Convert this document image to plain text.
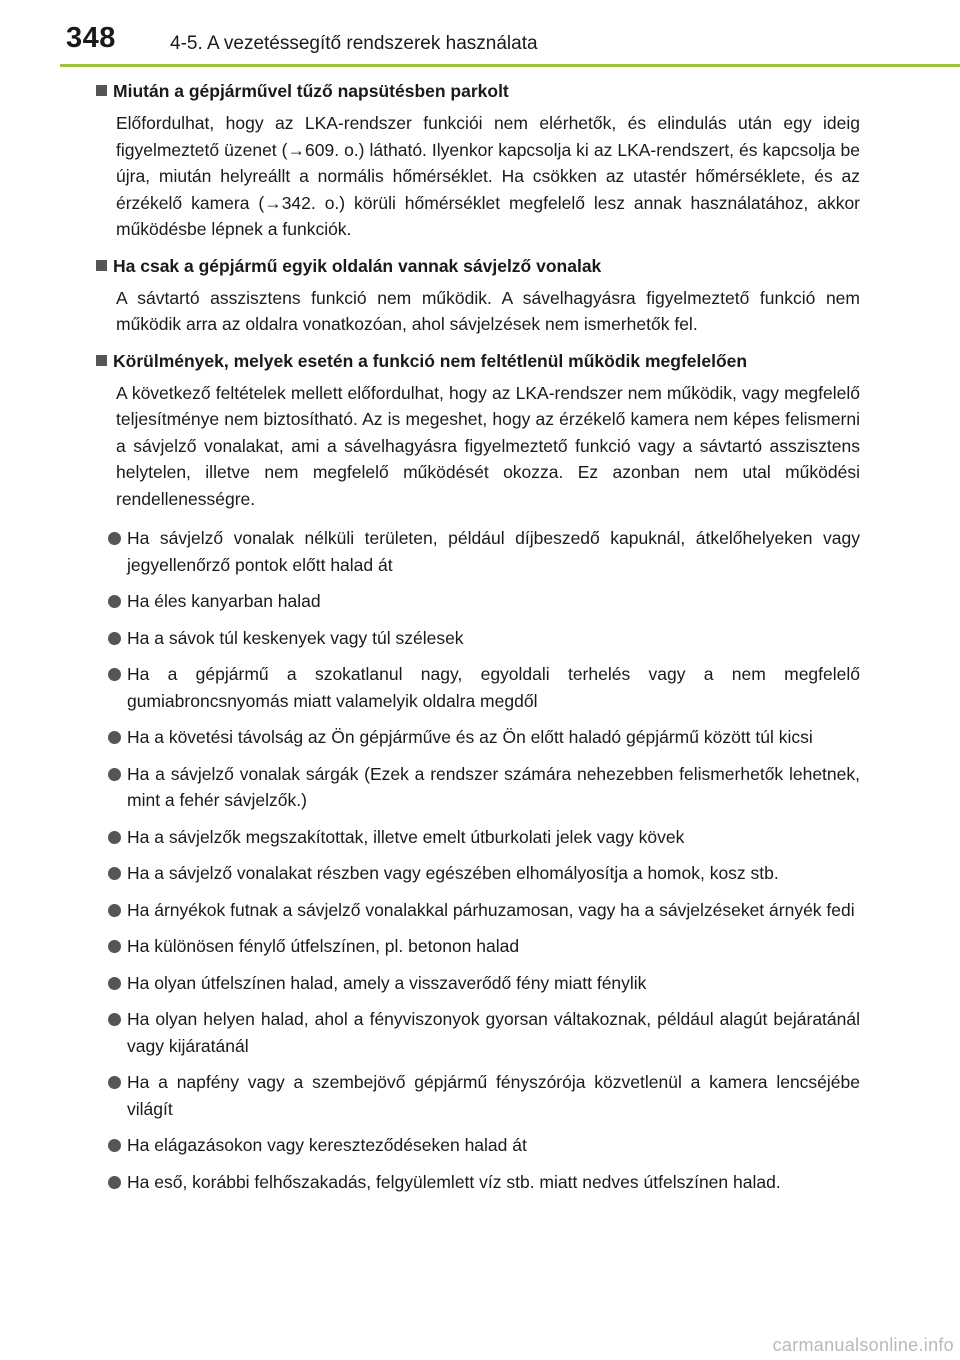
348	4-5. A vezetéssegítő rendszerek használata
Miután a gépjárművel tűző napsütésben parkolt

Előfordulhat, hogy az LKA-rendszer funkciói nem elérhetők, és elindulás után egy ideig figyelmeztető üzenet (→609. o.) látható. Ilyenkor kapcsolja ki az LKA-rendszert, és kapcsolja be újra, miután helyreállt a normális hőmérséklet. Ha csökken az utastér hőmérséklete, és az érzékelő kamera (→342. o.) körüli hőmérséklet megfelelő lesz annak használatához, akkor működésbe lépnek a funkciók.

Ha csak a gépjármű egyik oldalán vannak sávjelző vonalak

A sávtartó asszisztens funkció nem működik. A sávelhagyásra figyelmeztető funkció nem működik arra az oldalra vonatkozóan, ahol sávjelzések nem ismerhetők fel.

Körülmények, melyek esetén a funkció nem feltétlenül működik megfelelően

A következő feltételek mellett előfordulhat, hogy az LKA-rendszer nem működik, vagy megfelelő teljesítménye nem biztosítható. Az is megeshet, hogy az érzékelő kamera nem képes felismerni a sávjelző vonalakat, ami a sávelhagyásra figyelmeztető funkció vagy a sávtartó asszisztens helytelen, illetve nem megfelelő működését okozza. Ez azonban nem utal működési rendellenességre.

Ha sávjelző vonalak nélküli területen, például díjbeszedő kapuknál, átkelőhelyeken vagy jegyellenőrző pontok előtt halad át
Ha éles kanyarban halad
Ha a sávok túl keskenyek vagy túl szélesek
Ha a gépjármű a szokatlanul nagy, egyoldali terhelés vagy a nem megfelelő gumiabroncsnyomás miatt valamelyik oldalra megdől
Ha a követési távolság az Ön gépjárműve és az Ön előtt haladó gépjármű között túl kicsi
Ha a sávjelző vonalak sárgák (Ezek a rendszer számára nehezebben felismerhetők lehetnek, mint a fehér sávjelzők.)
Ha a sávjelzők megszakítottak, illetve emelt útburkolati jelek vagy kövek
Ha a sávjelző vonalakat részben vagy egészében elhomályosítja a homok, kosz stb.
Ha árnyékok futnak a sávjelző vonalakkal párhuzamosan, vagy ha a sávjelzéseket árnyék fedi
Ha különösen fénylő útfelszínen, pl. betonon halad
Ha olyan útfelszínen halad, amely a visszaverődő fény miatt fénylik
Ha olyan helyen halad, ahol a fényviszonyok gyorsan váltakoznak, például alagút bejáratánál vagy kijáratánál
Ha a napfény vagy a szembejövő gépjármű fényszórója közvetlenül a kamera lencséjébe világít
Ha elágazásokon vagy kereszteződéseken halad át
Ha eső, korábbi felhőszakadás, felgyülemlett víz stb. miatt nedves útfelszínen halad.
carmanualsonline.info
